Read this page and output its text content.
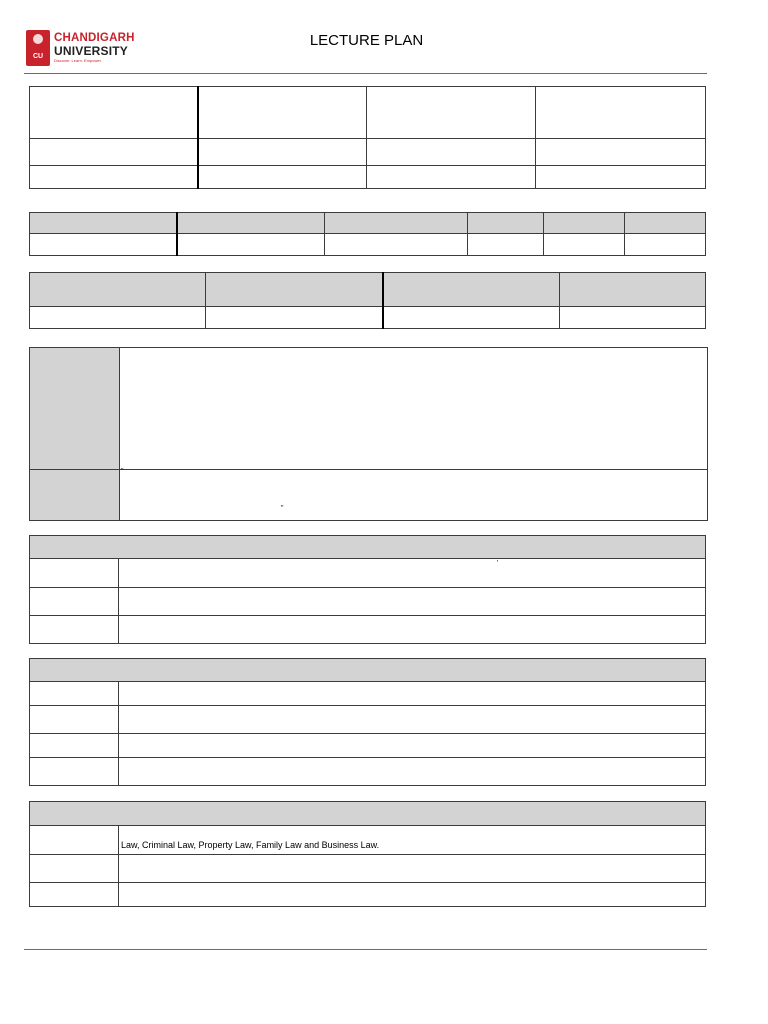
CU
CHANDIGARH
UNIVERSITY
Discover. Learn. Empower.
LECTURE PLAN

"
"

'

	Law, Criminal Law, Property Law, Family Law and Business Law.
